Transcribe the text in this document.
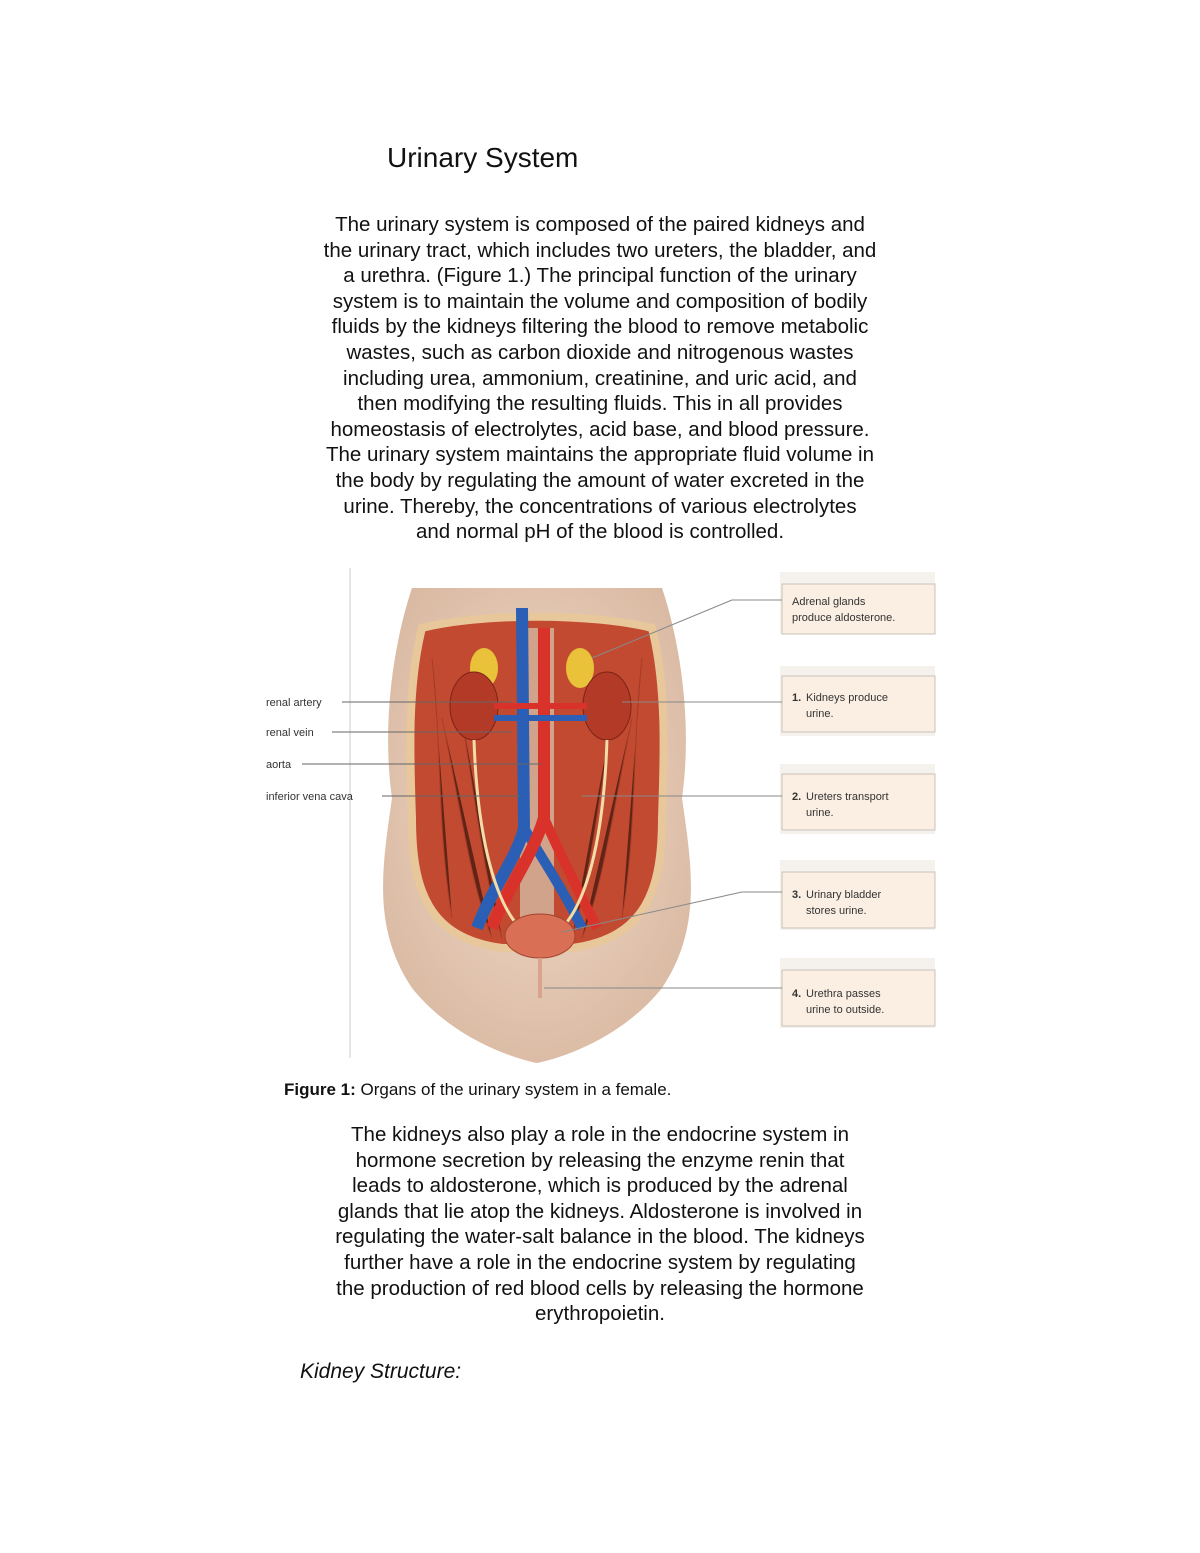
Urinary System
The urinary system is composed of the paired kidneys and
the urinary tract, which includes two ureters, the bladder, and
a urethra. (Figure 1.) The principal function of the urinary
system is to maintain the volume and composition of bodily
fluids by the kidneys filtering the blood to remove metabolic
wastes, such as carbon dioxide and nitrogenous wastes
including urea, ammonium, creatinine, and uric acid, and
then modifying the resulting fluids. This in all provides
homeostasis of electrolytes, acid base, and blood pressure.
The urinary system maintains the appropriate fluid volume in
the body by regulating the amount of water excreted in the
urine. Thereby, the concentrations of various electrolytes
and normal pH of the blood is controlled.
renal artery
renal vein
aorta
inferior vena cava
Adrenal glands
produce aldosterone.
1. Kidneys produce
urine.
2. Ureters transport
urine.
3. Urinary bladder
stores urine.
4. Urethra passes
urine to outside.
Figure 1: Organs of the urinary system in a female.
The kidneys also play a role in the endocrine system in
hormone secretion by releasing the enzyme renin that
leads to aldosterone, which is produced by the adrenal
glands that lie atop the kidneys. Aldosterone is involved in
regulating the water-salt balance in the blood. The kidneys
further have a role in the endocrine system by regulating
the production of red blood cells by releasing the hormone
erythropoietin.
Kidney Structure:
